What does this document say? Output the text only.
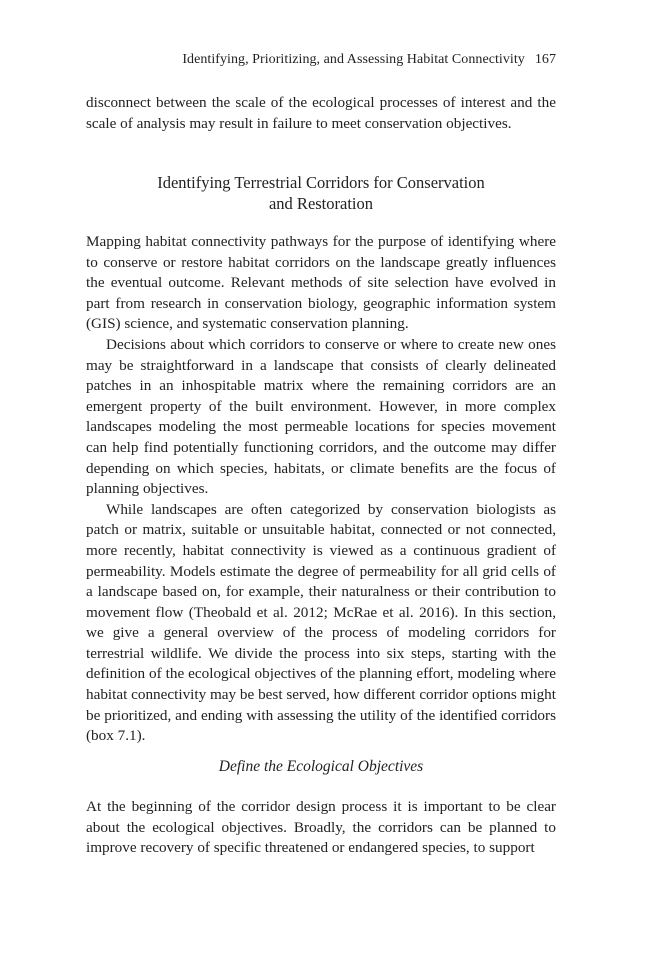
Identifying, Prioritizing, and Assessing Habitat Connectivity 167

disconnect between the scale of the ecological processes of interest and the scale of analysis may result in failure to meet conservation objectives.

Identifying Terrestrial Corridors for Conservation
and Restoration

Mapping habitat connectivity pathways for the purpose of identifying where to conserve or restore habitat corridors on the landscape greatly influences the eventual outcome. Relevant methods of site selection have evolved in part from research in conservation biology, geographic information system (GIS) science, and systematic conservation planning.

Decisions about which corridors to conserve or where to create new ones may be straightforward in a landscape that consists of clearly delineated patches in an inhospitable matrix where the remaining corridors are an emergent property of the built environment. However, in more complex landscapes modeling the most permeable locations for species movement can help find potentially functioning corridors, and the outcome may differ depending on which species, habitats, or climate benefits are the focus of planning objectives.

While landscapes are often categorized by conservation biologists as patch or matrix, suitable or unsuitable habitat, connected or not connected, more recently, habitat connectivity is viewed as a continuous gradient of permeability. Models estimate the degree of permeability for all grid cells of a landscape based on, for example, their naturalness or their contribution to movement flow (Theobald et al. 2012; McRae et al. 2016). In this section, we give a general overview of the process of modeling corridors for terrestrial wildlife. We divide the process into six steps, starting with the definition of the ecological objectives of the planning effort, modeling where habitat connectivity may be best served, how different corridor options might be prioritized, and ending with assessing the utility of the identified corridors (box 7.1).

Define the Ecological Objectives

At the beginning of the corridor design process it is important to be clear about the ecological objectives. Broadly, the corridors can be planned to improve recovery of specific threatened or endangered species, to support
